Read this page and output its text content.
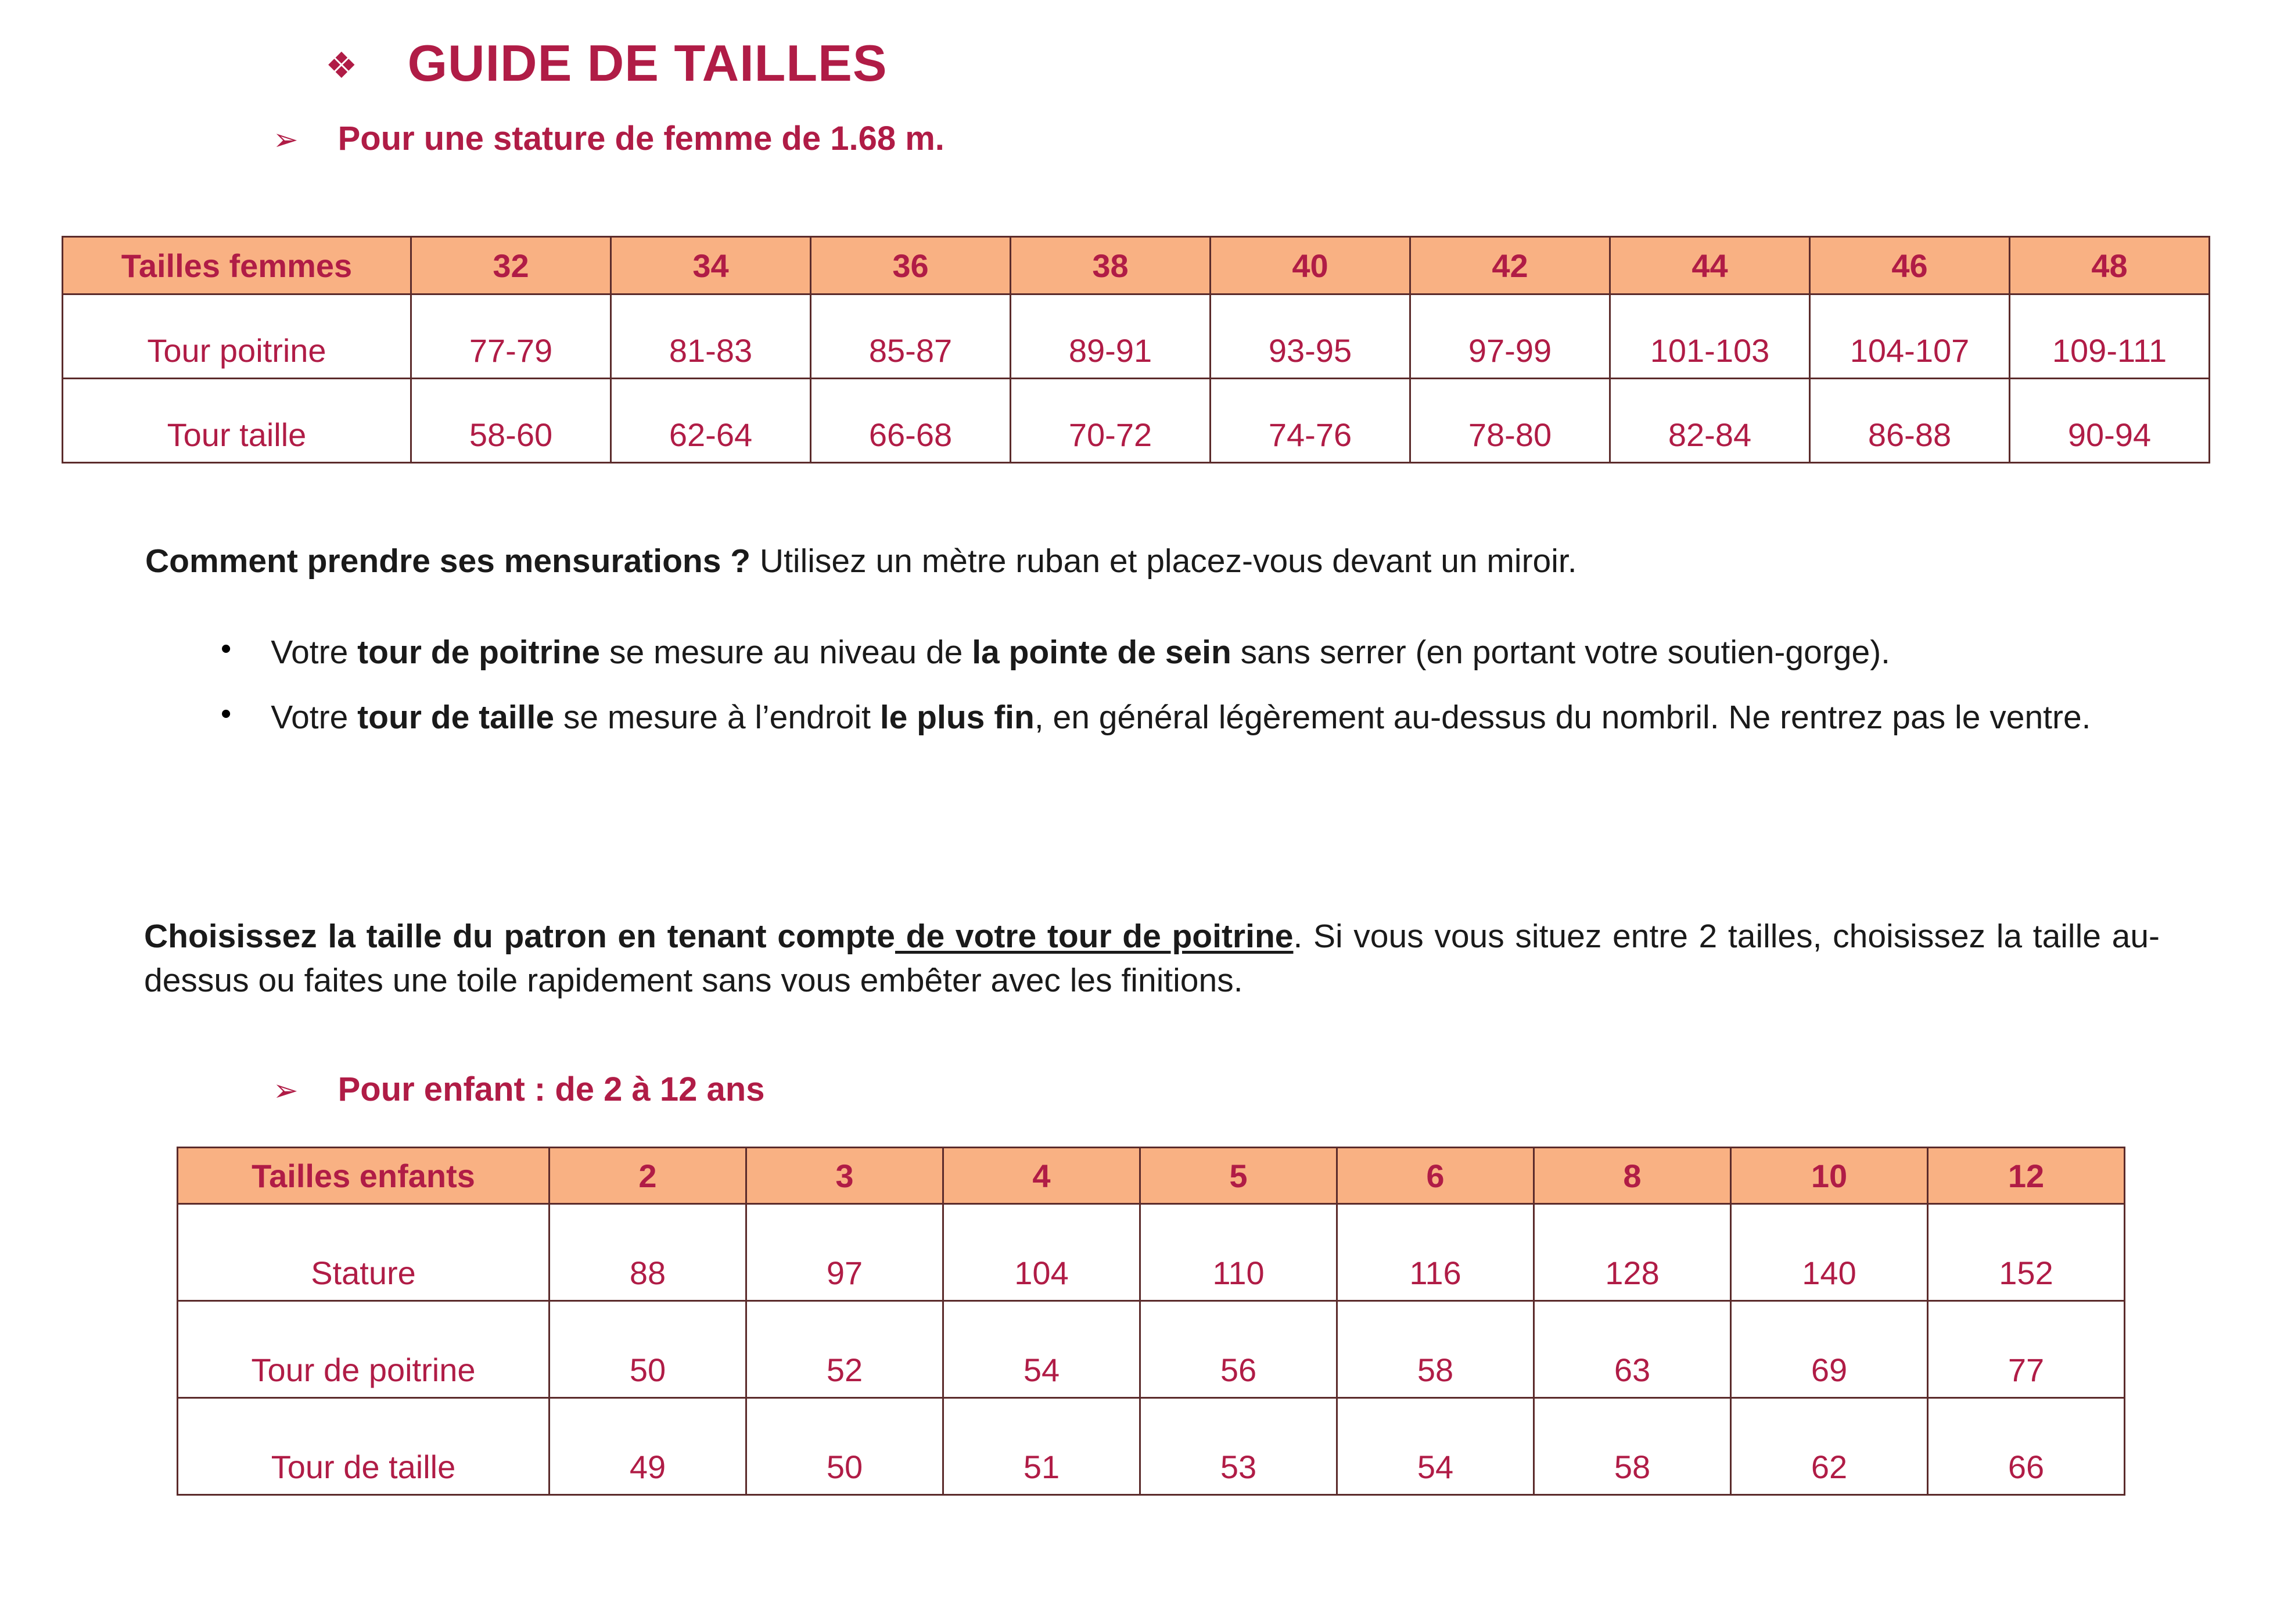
❖ GUIDE DE TAILLES
➢ Pour une stature de femme de 1.68 m.
Tailles femmes	32	34	36	38	40	42	44	46	48
Tour poitrine	77-79	81-83	85-87	89-91	93-95	97-99	101-103	104-107	109-111
Tour taille	58-60	62-64	66-68	70-72	74-76	78-80	82-84	86-88	90-94
Comment prendre ses mensurations ? Utilisez un mètre ruban et placez-vous devant un miroir.
• Votre tour de poitrine se mesure au niveau de la pointe de sein sans serrer (en portant votre soutien-gorge).
• Votre tour de taille se mesure à l’endroit le plus fin, en général légèrement au-dessus du nombril. Ne rentrez pas le ventre.
Choisissez la taille du patron en tenant compte de votre tour de poitrine. Si vous vous situez entre 2 tailles, choisissez la taille au-dessus ou faites une toile rapidement sans vous embêter avec les finitions.
➢ Pour enfant : de 2 à 12 ans
Tailles enfants	2	3	4	5	6	8	10	12
Stature	88	97	104	110	116	128	140	152
Tour de poitrine	50	52	54	56	58	63	69	77
Tour de taille	49	50	51	53	54	58	62	66
